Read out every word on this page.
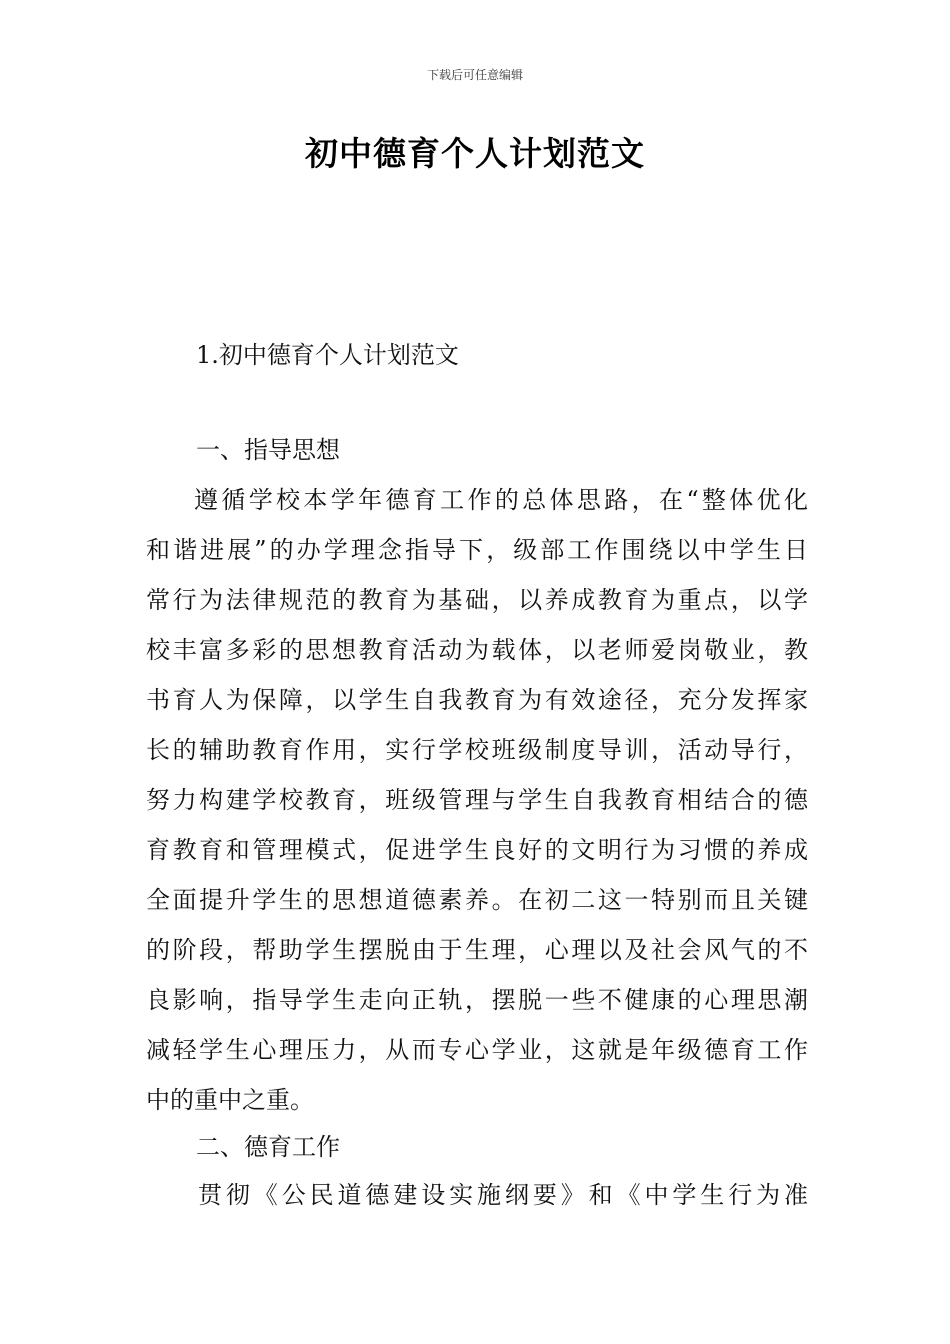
下载后可任意编辑
初中德育个人计划范文
1.初中德育个人计划范文
一、指导思想
遵循学校本学年德育工作的总体思路，在“整体优化
和谐进展”的办学理念指导下，级部工作围绕以中学生日
常行为法律规范的教育为基础，以养成教育为重点，以学
校丰富多彩的思想教育活动为载体，以老师爱岗敬业，教
书育人为保障，以学生自我教育为有效途径，充分发挥家
长的辅助教育作用，实行学校班级制度导训，活动导行，
努力构建学校教育，班级管理与学生自我教育相结合的德
育教育和管理模式，促进学生良好的文明行为习惯的养成
全面提升学生的思想道德素养。在初二这一特别而且关键
的阶段，帮助学生摆脱由于生理，心理以及社会风气的不
良影响，指导学生走向正轨，摆脱一些不健康的心理思潮
减轻学生心理压力，从而专心学业，这就是年级德育工作
中的重中之重。
二、德育工作
贯彻《公民道德建设实施纲要》和《中学生行为准
